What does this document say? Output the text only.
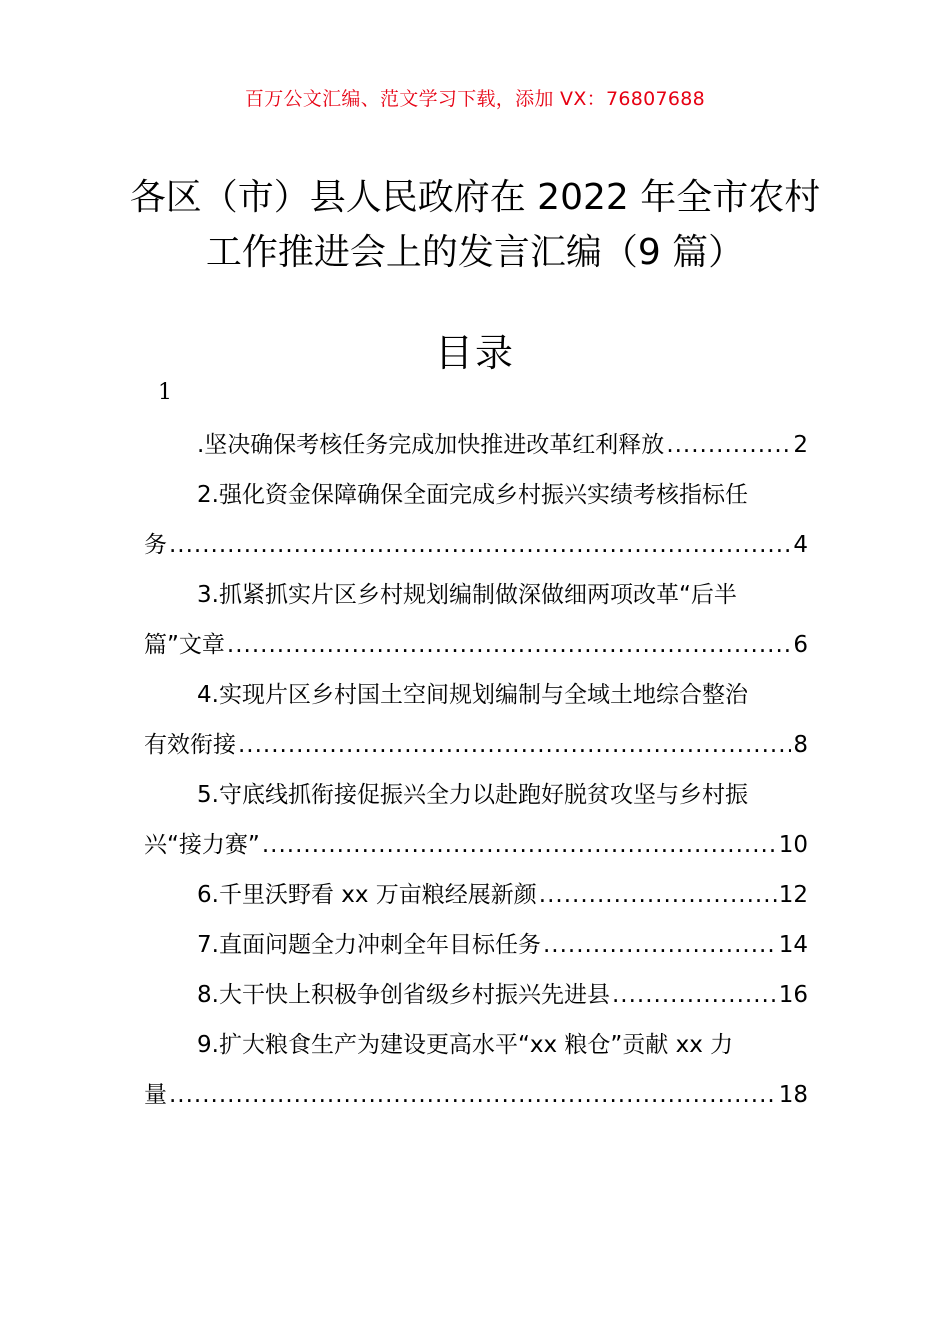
百万公文汇编、范文学习下载，添加 VX：76807688
各区（市）县人民政府在 2022 年全市农村
工作推进会上的发言汇编（9 篇）
目录
1
.坚决确保考核任务完成加快推进改革红利释放 .....	2
2.强化资金保障确保全面完成乡村振兴实绩考核指标任
务 .....	4
3.抓紧抓实片区乡村规划编制做深做细两项改革“后半
篇”文章 .....	6
4.实现片区乡村国土空间规划编制与全域土地综合整治
有效衔接 .....	8
5.守底线抓衔接促振兴全力以赴跑好脱贫攻坚与乡村振
兴“接力赛” .....	10
6.千里沃野看 xx 万亩粮经展新颜 .....	12
7.直面问题全力冲刺全年目标任务 .....	14
8.大干快上积极争创省级乡村振兴先进县 .....	16
9.扩大粮食生产为建设更高水平“xx 粮仓”贡献 xx 力
量 .....	18
